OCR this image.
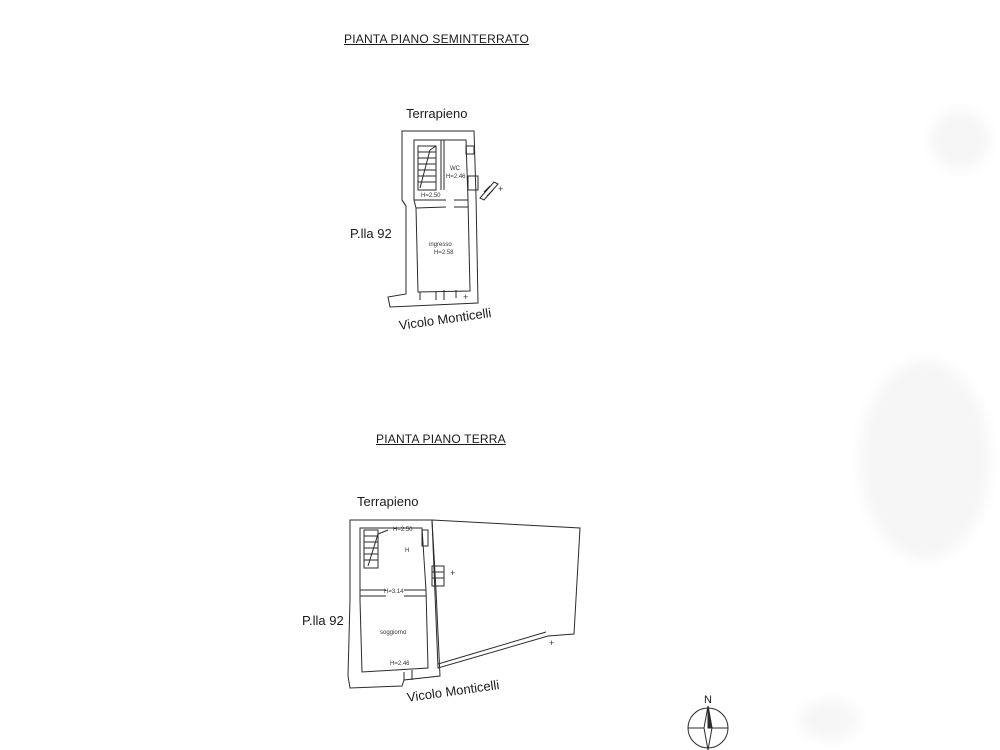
PIANTA PIANO SEMINTERRATO
Terrapieno
P.lla 92
Vicolo Monticelli
WC
H=2.46
H=2.50
ingresso
H=2.58
+
+
PIANTA PIANO TERRA
Terrapieno
P.lla 92
Vicolo Monticelli
H=2.50
H
H=3.14
soggiorno
H=2.46
+
+
N
